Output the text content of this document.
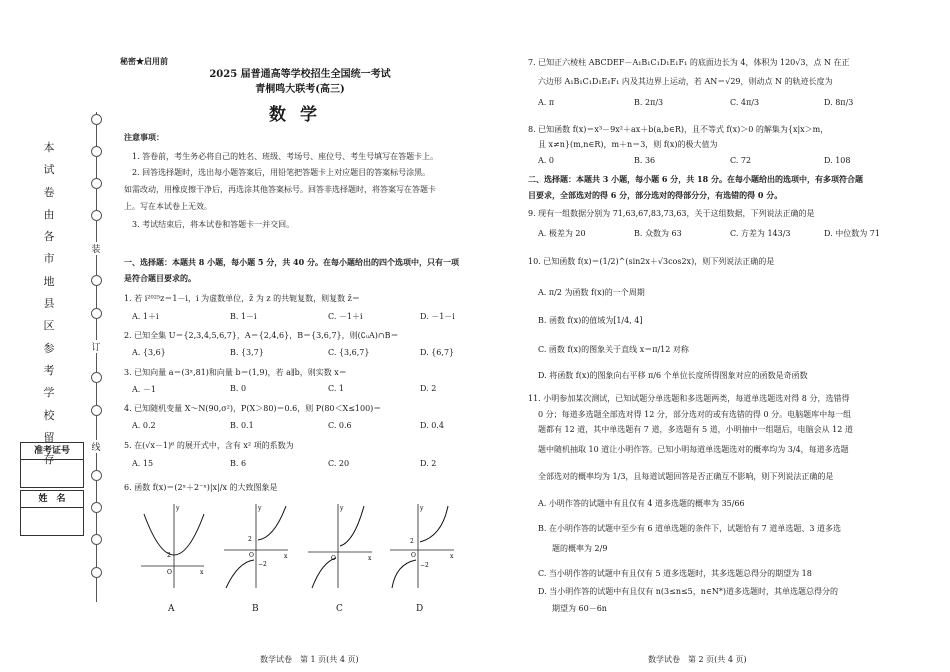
本
试
卷
由
各
市
地
县
区
参
考
学
校
留
存
装
订
线
准考证号
姓　名
秘密★启用前
2025 届普通高等学校招生全国统一考试
青桐鸣大联考(高三)
数学
注意事项：
1. 答卷前，考生务必将自己的姓名、班级、考场号、座位号、考生号填写在答题卡上。
2. 回答选择题时，选出每小题答案后，用铅笔把答题卡上对应题目的答案标号涂黑。
如需改动，用橡皮擦干净后，再选涂其他答案标号。回答非选择题时，将答案写在答题卡
上。写在本试卷上无效。
3. 考试结束后，将本试卷和答题卡一并交回。
一、选择题：本题共 8 小题，每小题 5 分，共 40 分。在每小题给出的四个选项中，只有一项
是符合题目要求的。
1. 若 i²⁰²⁵z＝1－i，i 为虚数单位，z̄ 为 z 的共轭复数，则复数 z̄＝
A. 1＋i	B. 1－i	C. －1＋i	D. －1－i
2. 已知全集 U＝{2,3,4,5,6,7}，A＝{2,4,6}，B＝{3,6,7}，则(∁ᵤA)∩B＝
A. {3,6}	B. {3,7}	C. {3,6,7}	D. {6,7}
3. 已知向量 a＝(3ˣ,81)和向量 b＝(1,9)，若 a∥b，则实数 x＝
A. －1	B. 0	C. 1	D. 2
4. 已知随机变量 X～N(90,σ²)，P(X＞80)＝0.6，则 P(80＜X≤100)＝
A. 0.2	B. 0.1	C. 0.6	D. 0.4
5. 在(√x－1)⁶ 的展开式中，含有 x² 项的系数为
A. 15	B. 6	C. 20	D. 2
6. 函数 f(x)＝(2ˣ＋2⁻ˣ)|x|/x 的大致图象是
y
x
O
2
A
y
x
O
2
−2
B
y
x
O
C
y
x
O
2
−2
D
数学试卷　第 1 页(共 4 页)
7. 已知正六棱柱 ABCDEF－A₁B₁C₁D₁E₁F₁ 的底面边长为 4，体积为 120√3，点 N 在正
六边形 A₁B₁C₁D₁E₁F₁ 内及其边界上运动，若 AN＝√29，则动点 N 的轨迹长度为
A. π	B. 2π/3	C. 4π/3	D. 8π/3
8. 已知函数 f(x)＝x³－9x²＋ax＋b(a,b∈R)，且不等式 f(x)＞0 的解集为{x|x＞m，
且 x≠n}(m,n∈R)，m＋n＝3，则 f(x)的极大值为
A. 0	B. 36	C. 72	D. 108
二、选择题：本题共 3 小题，每小题 6 分，共 18 分。在每小题给出的选项中，有多项符合题
目要求，全部选对的得 6 分，部分选对的得部分分，有选错的得 0 分。
9. 现有一组数据分别为 71,63,67,83,73,63，关于这组数据，下列说法正确的是
A. 极差为 20	B. 众数为 63	C. 方差为 143/3	D. 中位数为 71
10. 已知函数 f(x)＝(1/2)^(sin2x＋√3cos2x)，则下列说法正确的是
A. π/2 为函数 f(x)的一个周期
B. 函数 f(x)的值域为[1/4, 4]
C. 函数 f(x)的图象关于直线 x＝π/12 对称
D. 将函数 f(x)的图象向右平移 π/6 个单位长度所得图象对应的函数是奇函数
11. 小明参加某次测试，已知试题分单选题和多选题两类，每道单选题选对得 8 分，选错得
0 分；每道多选题全部选对得 12 分，部分选对的或有选错的得 0 分。电脑题库中每一组
题都有 12 道，其中单选题有 7 道，多选题有 5 道，小明抽中一组题后，电脑会从 12 道
题中随机抽取 10 道让小明作答。已知小明每道单选题选对的概率均为 3/4，每道多选题
全部选对的概率均为 1/3，且每道试题回答是否正确互不影响，则下列说法正确的是
A. 小明作答的试题中有且仅有 4 道多选题的概率为 35/66
B. 在小明作答的试题中至少有 6 道单选题的条件下，试题恰有 7 道单选题、3 道多选
题的概率为 2/9
C. 当小明作答的试题中有且仅有 5 道多选题时，其多选题总得分的期望为 18
D. 当小明作答的试题中有且仅有 n(3≤n≤5，n∈N*)道多选题时，其单选题总得分的
期望为 60－6n
数学试卷　第 2 页(共 4 页)
